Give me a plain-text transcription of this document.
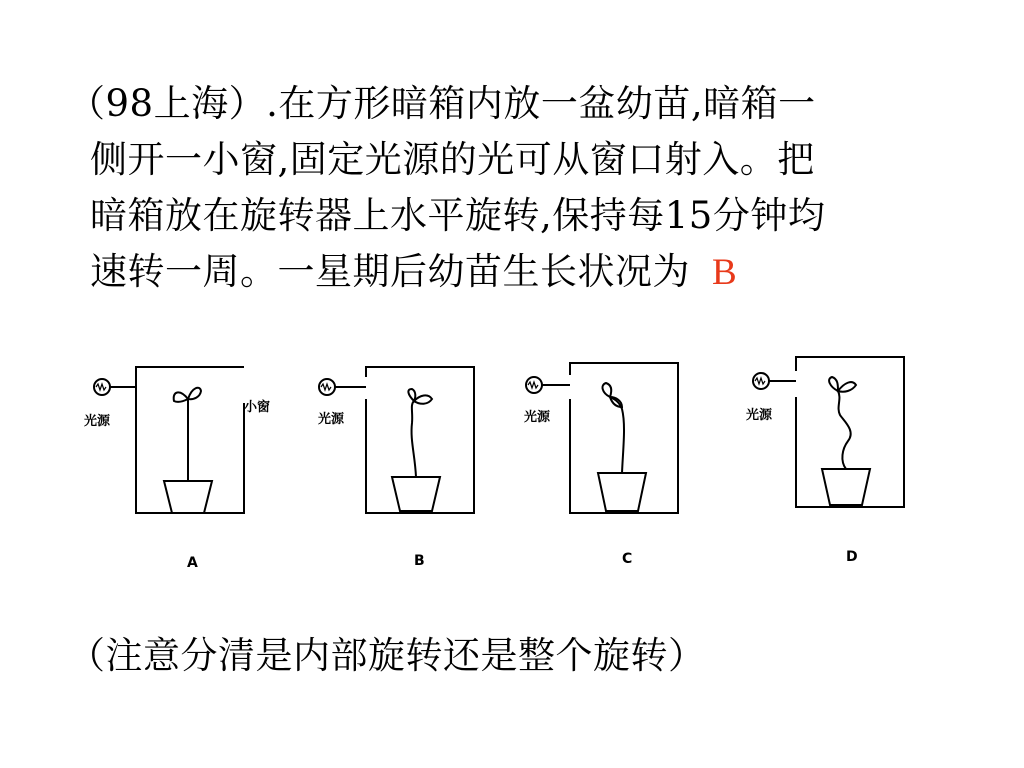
（98上海）.在方形暗箱内放一盆幼苗,暗箱一
侧开一小窗,固定光源的光可从窗口射入。把
暗箱放在旋转器上水平旋转,保持每15分钟均
速转一周。一星期后幼苗生长状况为 B
光源
小窗
光源	光源	光源
A	B	C	D
（注意分清是内部旋转还是整个旋转）
